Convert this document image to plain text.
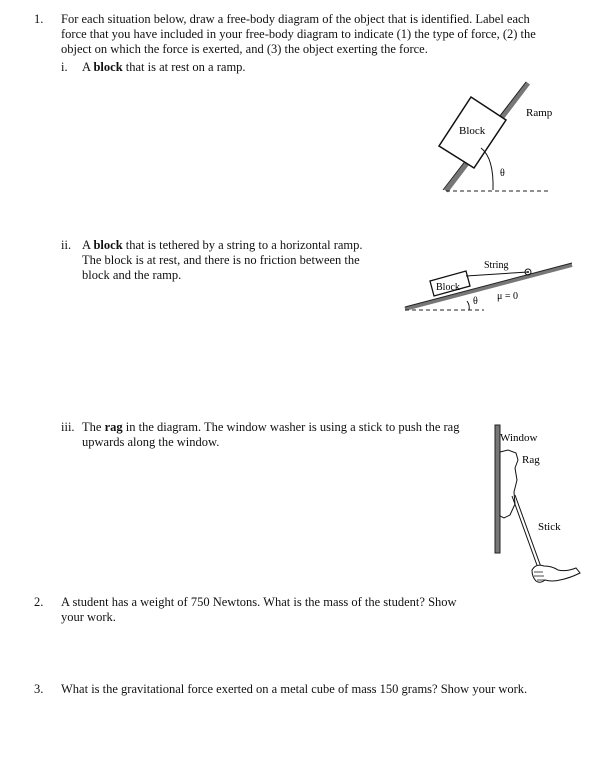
1. For each situation below, draw a free-body diagram of the object that is identified. Label each
force that you have included in your free-body diagram to indicate (1) the type of force, (2) the
object on which the force is exerted, and (3) the object exerting the force.
i. A block that is at rest on a ramp.
Block
Ramp
θ
ii. A block that is tethered by a string to a horizontal ramp.
The block is at rest, and there is no friction between the
block and the ramp.
Block
String
θ μ = 0
iii. The rag in the diagram. The window washer is using a stick to push the rag
upwards along the window.	Window
Rag
Stick
2. A student has a weight of 750 Newtons. What is the mass of the student? Show
your work.
3. What is the gravitational force exerted on a metal cube of mass 150 grams? Show your work.
